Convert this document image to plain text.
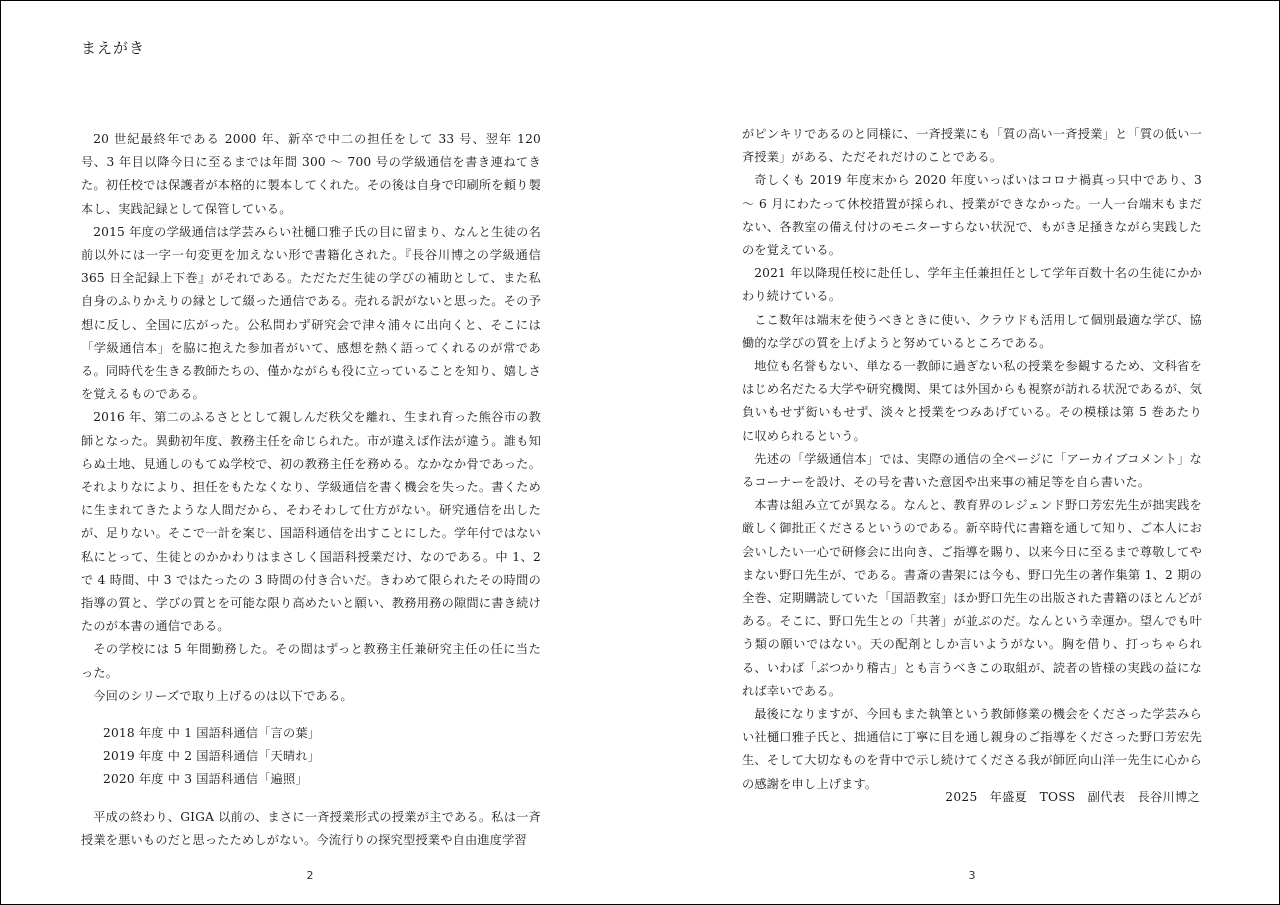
まえがき

20 世紀最終年である 2000 年、新卒で中二の担任をして 33 号、翌年 120 号、3 年目以降今日に至るまでは年間 300 〜 700 号の学級通信を書き連ねてきた。初任校では保護者が本格的に製本してくれた。その後は自身で印刷所を頼り製本し、実践記録として保管している。

2015 年度の学級通信は学芸みらい社樋口雅子氏の目に留まり、なんと生徒の名前以外には一字一句変更を加えない形で書籍化された。『長谷川博之の学級通信 365 日全記録上下巻』がそれである。ただただ生徒の学びの補助として、また私自身のふりかえりの縁として綴った通信である。売れる訳がないと思った。その予想に反し、全国に広がった。公私問わず研究会で津々浦々に出向くと、そこには「学級通信本」を脇に抱えた参加者がいて、感想を熱く語ってくれるのが常である。同時代を生きる教師たちの、僅かながらも役に立っていることを知り、嬉しさを覚えるものである。

2016 年、第二のふるさととして親しんだ秩父を離れ、生まれ育った熊谷市の教師となった。異動初年度、教務主任を命じられた。市が違えば作法が違う。誰も知らぬ土地、見通しのもてぬ学校で、初の教務主任を務める。なかなか骨であった。それよりなにより、担任をもたなくなり、学級通信を書く機会を失った。書くために生まれてきたような人間だから、そわそわして仕方がない。研究通信を出したが、足りない。そこで一計を案じ、国語科通信を出すことにした。学年付ではない私にとって、生徒とのかかわりはまさしく国語科授業だけ、なのである。中 1、2 で 4 時間、中 3 ではたったの 3 時間の付き合いだ。きわめて限られたその時間の指導の質と、学びの質とを可能な限り高めたいと願い、教務用務の隙間に書き続けたのが本書の通信である。

その学校には 5 年間勤務した。その間はずっと教務主任兼研究主任の任に当たった。

今回のシリーズで取り上げるのは以下である。

2018 年度 中 1 国語科通信「言の葉」
2019 年度 中 2 国語科通信「天晴れ」
2020 年度 中 3 国語科通信「遍照」

平成の終わり、GIGA 以前の、まさに一斉授業形式の授業が主である。私は一斉授業を悪いものだと思ったためしがない。今流行りの探究型授業や自由進度学習

2

がピンキリであるのと同様に、一斉授業にも「質の高い一斉授業」と「質の低い一斉授業」がある、ただそれだけのことである。

奇しくも 2019 年度末から 2020 年度いっぱいはコロナ禍真っ只中であり、3 〜 6 月にわたって休校措置が採られ、授業ができなかった。一人一台端末もまだない、各教室の備え付けのモニターすらない状況で、もがき足掻きながら実践したのを覚えている。

2021 年以降現任校に赴任し、学年主任兼担任として学年百数十名の生徒にかかわり続けている。

ここ数年は端末を使うべきときに使い、クラウドも活用して個別最適な学び、協働的な学びの質を上げようと努めているところである。

地位も名誉もない、単なる一教師に過ぎない私の授業を参観するため、文科省をはじめ名だたる大学や研究機関、果ては外国からも視察が訪れる状況であるが、気負いもせず衒いもせず、淡々と授業をつみあげている。その模様は第 5 巻あたりに収められるという。

先述の「学級通信本」では、実際の通信の全ページに「アーカイブコメント」なるコーナーを設け、その号を書いた意図や出来事の補足等を自ら書いた。

本書は組み立てが異なる。なんと、教育界のレジェンド野口芳宏先生が拙実践を厳しく御批正くださるというのである。新卒時代に書籍を通して知り、ご本人にお会いしたい一心で研修会に出向き、ご指導を賜り、以来今日に至るまで尊敬してやまない野口先生が、である。書斎の書架には今も、野口先生の著作集第 1、2 期の全巻、定期購読していた「国語教室」ほか野口先生の出版された書籍のほとんどがある。そこに、野口先生との「共著」が並ぶのだ。なんという幸運か。望んでも叶う類の願いではない。天の配剤としか言いようがない。胸を借り、打っちゃられる、いわば「ぶつかり稽古」とも言うべきこの取組が、読者の皆様の実践の益になれば幸いである。

最後になりますが、今回もまた執筆という教師修業の機会をくださった学芸みらい社樋口雅子氏と、拙通信に丁寧に目を通し親身のご指導をくださった野口芳宏先生、そして大切なものを背中で示し続けてくださる我が師匠向山洋一先生に心からの感謝を申し上げます。

2025 年盛夏　TOSS 副代表　長谷川博之
3
